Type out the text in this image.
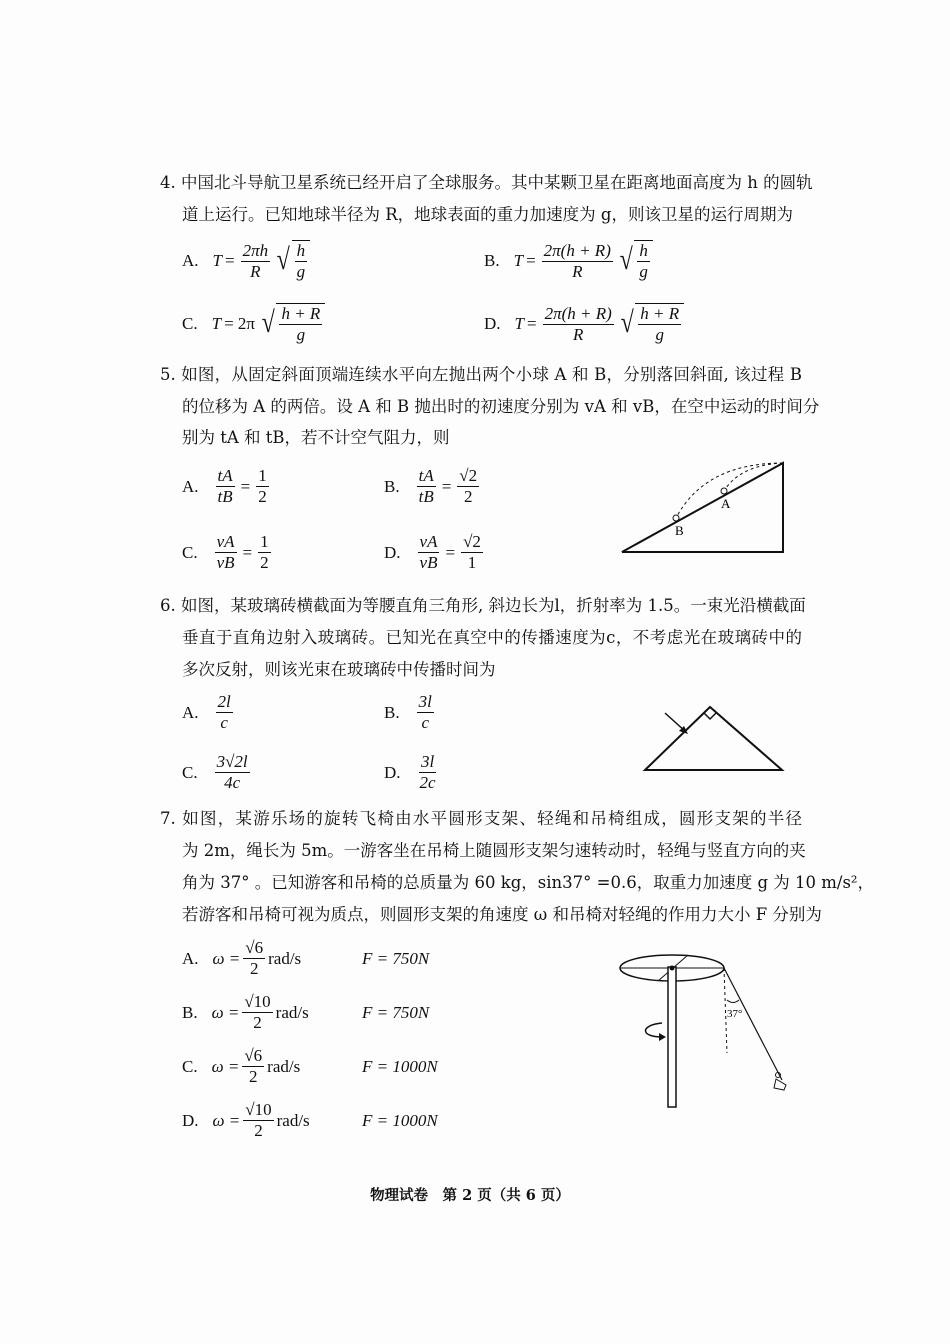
4. 中国北斗导航卫星系统已经开启了全球服务。其中某颗卫星在距离地面高度为 h 的圆轨
道上运行。已知地球半径为 R，地球表面的重力加速度为 g，则该卫星的运行周期为
A. $T = \frac{2\pi h}{R}$ √ $\frac{h}{g}$	B. $T = \frac{2\pi(h + R)}{R}$ √ $\frac{h}{g}$
C. T = 2π √ $\frac{h + R}{g}$	D. $T = \frac{2\pi(h + R)}{R}$ √ $\frac{h + R}{g}$
5. 如图，从固定斜面顶端连续水平向左抛出两个小球 A 和 B，分别落回斜面, 该过程 B
的位移为 A 的两倍。设 A 和 B 抛出时的初速度分别为 vA 和 vB，在空中运动的时间分
别为 tA 和 tB，若不计空气阻力，则
A. $\frac{tA}{tB} = \frac{1}{2}$	B. $\frac{tA}{tB} = \frac{√2}{2}$
C. $\frac{vA}{vB} = \frac{1}{2}$	D. $\frac{vA}{vB} = \frac{√2}{1}$
A
B
6. 如图，某玻璃砖横截面为等腰直角三角形, 斜边长为l，折射率为 1.5。一束光沿横截面
垂直于直角边射入玻璃砖。已知光在真空中的传播速度为c，不考虑光在玻璃砖中的
多次反射，则该光束在玻璃砖中传播时间为
A. $\frac{2l}{c}$	B. $\frac{3l}{c}$
C. $\frac{3√2l}{4c}$	D. $\frac{3l}{2c}$
7. 如图，某游乐场的旋转飞椅由水平圆形支架、轻绳和吊椅组成，圆形支架的半径
为 2m，绳长为 5m。一游客坐在吊椅上随圆形支架匀速转动时，轻绳与竖直方向的夹
角为 37° 。已知游客和吊椅的总质量为 60 kg，sin37° =0.6，取重力加速度 g 为 10 m/s²，
若游客和吊椅可视为质点，则圆形支架的角速度 ω 和吊椅对轻绳的作用力大小 F 分别为
A. $\omega = \frac{√6}{2} rad/s$	F = 750N
B. $\omega = \frac{√10}{2} rad/s$	F = 750N
C. $\omega = \frac{√6}{2} rad/s$	F = 1000N
D. $\omega = \frac{√10}{2} rad/s$	F = 1000N
37°
物理试卷　第 2 页（共 6 页）
